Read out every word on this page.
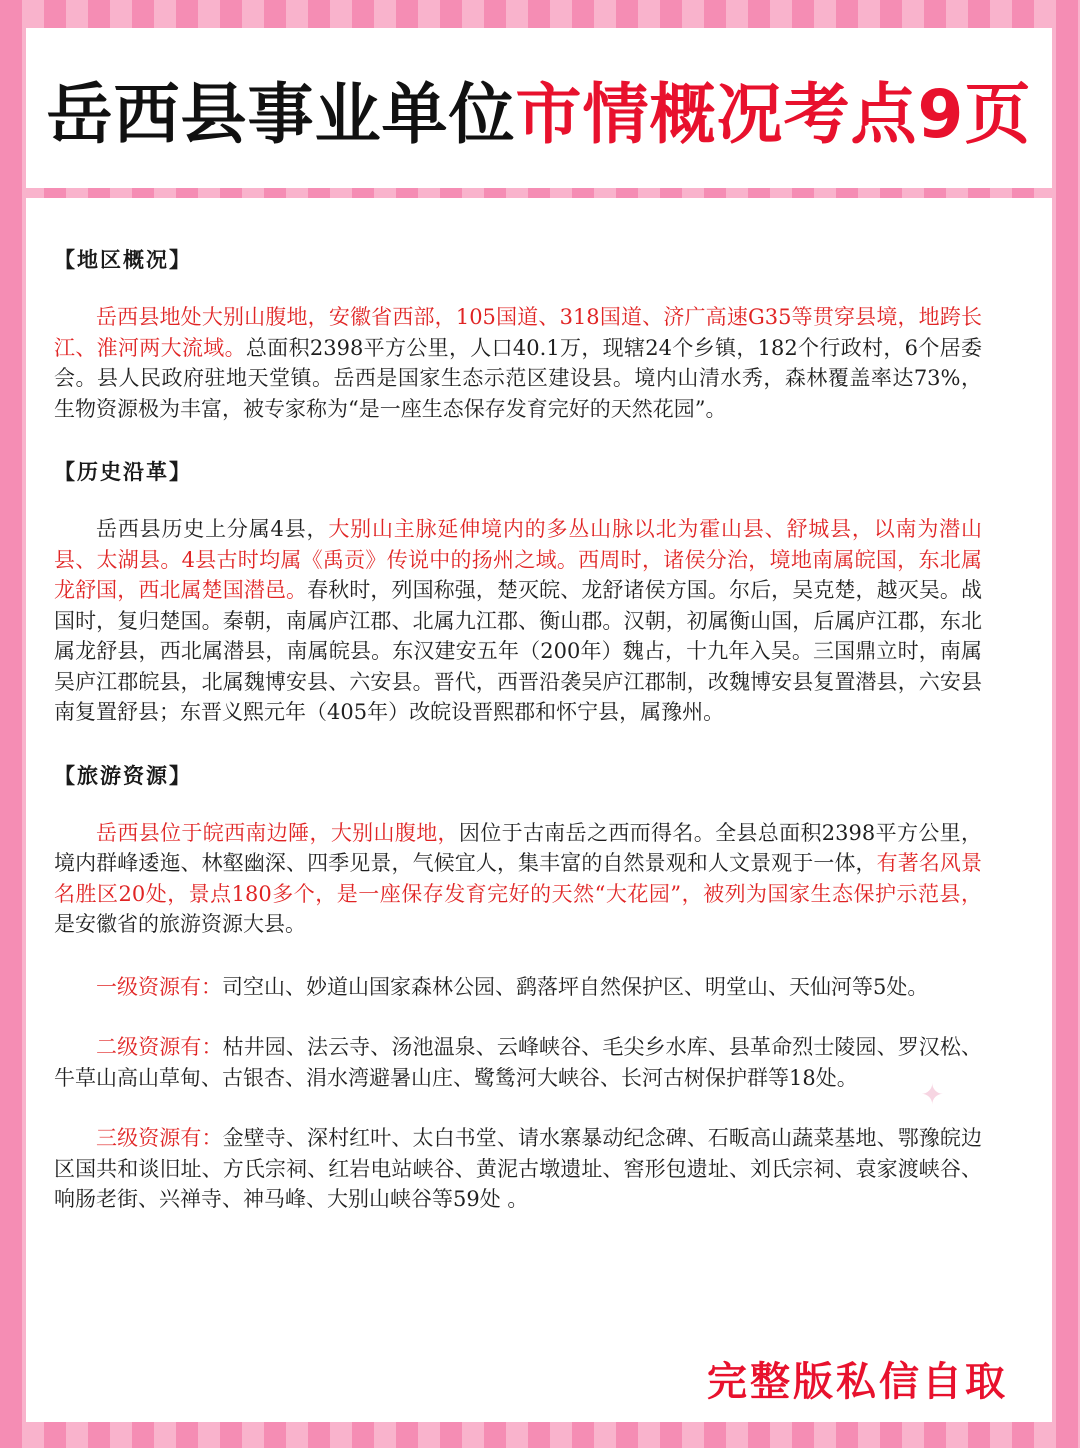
岳西县事业单位市情概况考点9页
【地区概况】

岳西县地处大别山腹地，安徽省西部，105国道、318国道、济广高速G35等贯穿县境，地跨长江、淮河两大流域。总面积2398平方公里，人口40.1万，现辖24个乡镇，182个行政村，6个居委会。县人民政府驻地天堂镇。岳西是国家生态示范区建设县。境内山清水秀，森林覆盖率达73%，生物资源极为丰富，被专家称为“是一座生态保存发育完好的天然花园”。

【历史沿革】

岳西县历史上分属4县，大别山主脉延伸境内的多丛山脉以北为霍山县、舒城县，以南为潜山县、太湖县。4县古时均属《禹贡》传说中的扬州之域。西周时，诸侯分治，境地南属皖国，东北属龙舒国，西北属楚国潜邑。春秋时，列国称强，楚灭皖、龙舒诸侯方国。尔后，吴克楚，越灭吴。战国时，复归楚国。秦朝，南属庐江郡、北属九江郡、衡山郡。汉朝，初属衡山国，后属庐江郡，东北属龙舒县，西北属潜县，南属皖县。东汉建安五年（200年）魏占，十九年入吴。三国鼎立时，南属吴庐江郡皖县，北属魏博安县、六安县。晋代，西晋沿袭吴庐江郡制，改魏博安县复置潜县，六安县南复置舒县；东晋义熙元年（405年）改皖设晋熙郡和怀宁县，属豫州。

【旅游资源】

岳西县位于皖西南边陲，大别山腹地，因位于古南岳之西而得名。全县总面积2398平方公里，境内群峰逶迤、林壑幽深、四季见景，气候宜人，集丰富的自然景观和人文景观于一体，有著名风景名胜区20处，景点180多个，是一座保存发育完好的天然“大花园”，被列为国家生态保护示范县，是安徽省的旅游资源大县。

一级资源有：司空山、妙道山国家森林公园、鹞落坪自然保护区、明堂山、天仙河等5处。

二级资源有：枯井园、法云寺、汤池温泉、云峰峡谷、毛尖乡水库、县革命烈士陵园、罗汉松、牛草山高山草甸、古银杏、涓水湾避暑山庄、鹭鸶河大峡谷、长河古树保护群等18处。

三级资源有：金壁寺、深村红叶、太白书堂、请水寨暴动纪念碑、石畈高山蔬菜基地、鄂豫皖边区国共和谈旧址、方氏宗祠、红岩电站峡谷、黄泥古墩遗址、窖形包遗址、刘氏宗祠、袁家渡峡谷、响肠老街、兴禅寺、神马峰、大别山峡谷等59处 。

✦
完整版私信自取
